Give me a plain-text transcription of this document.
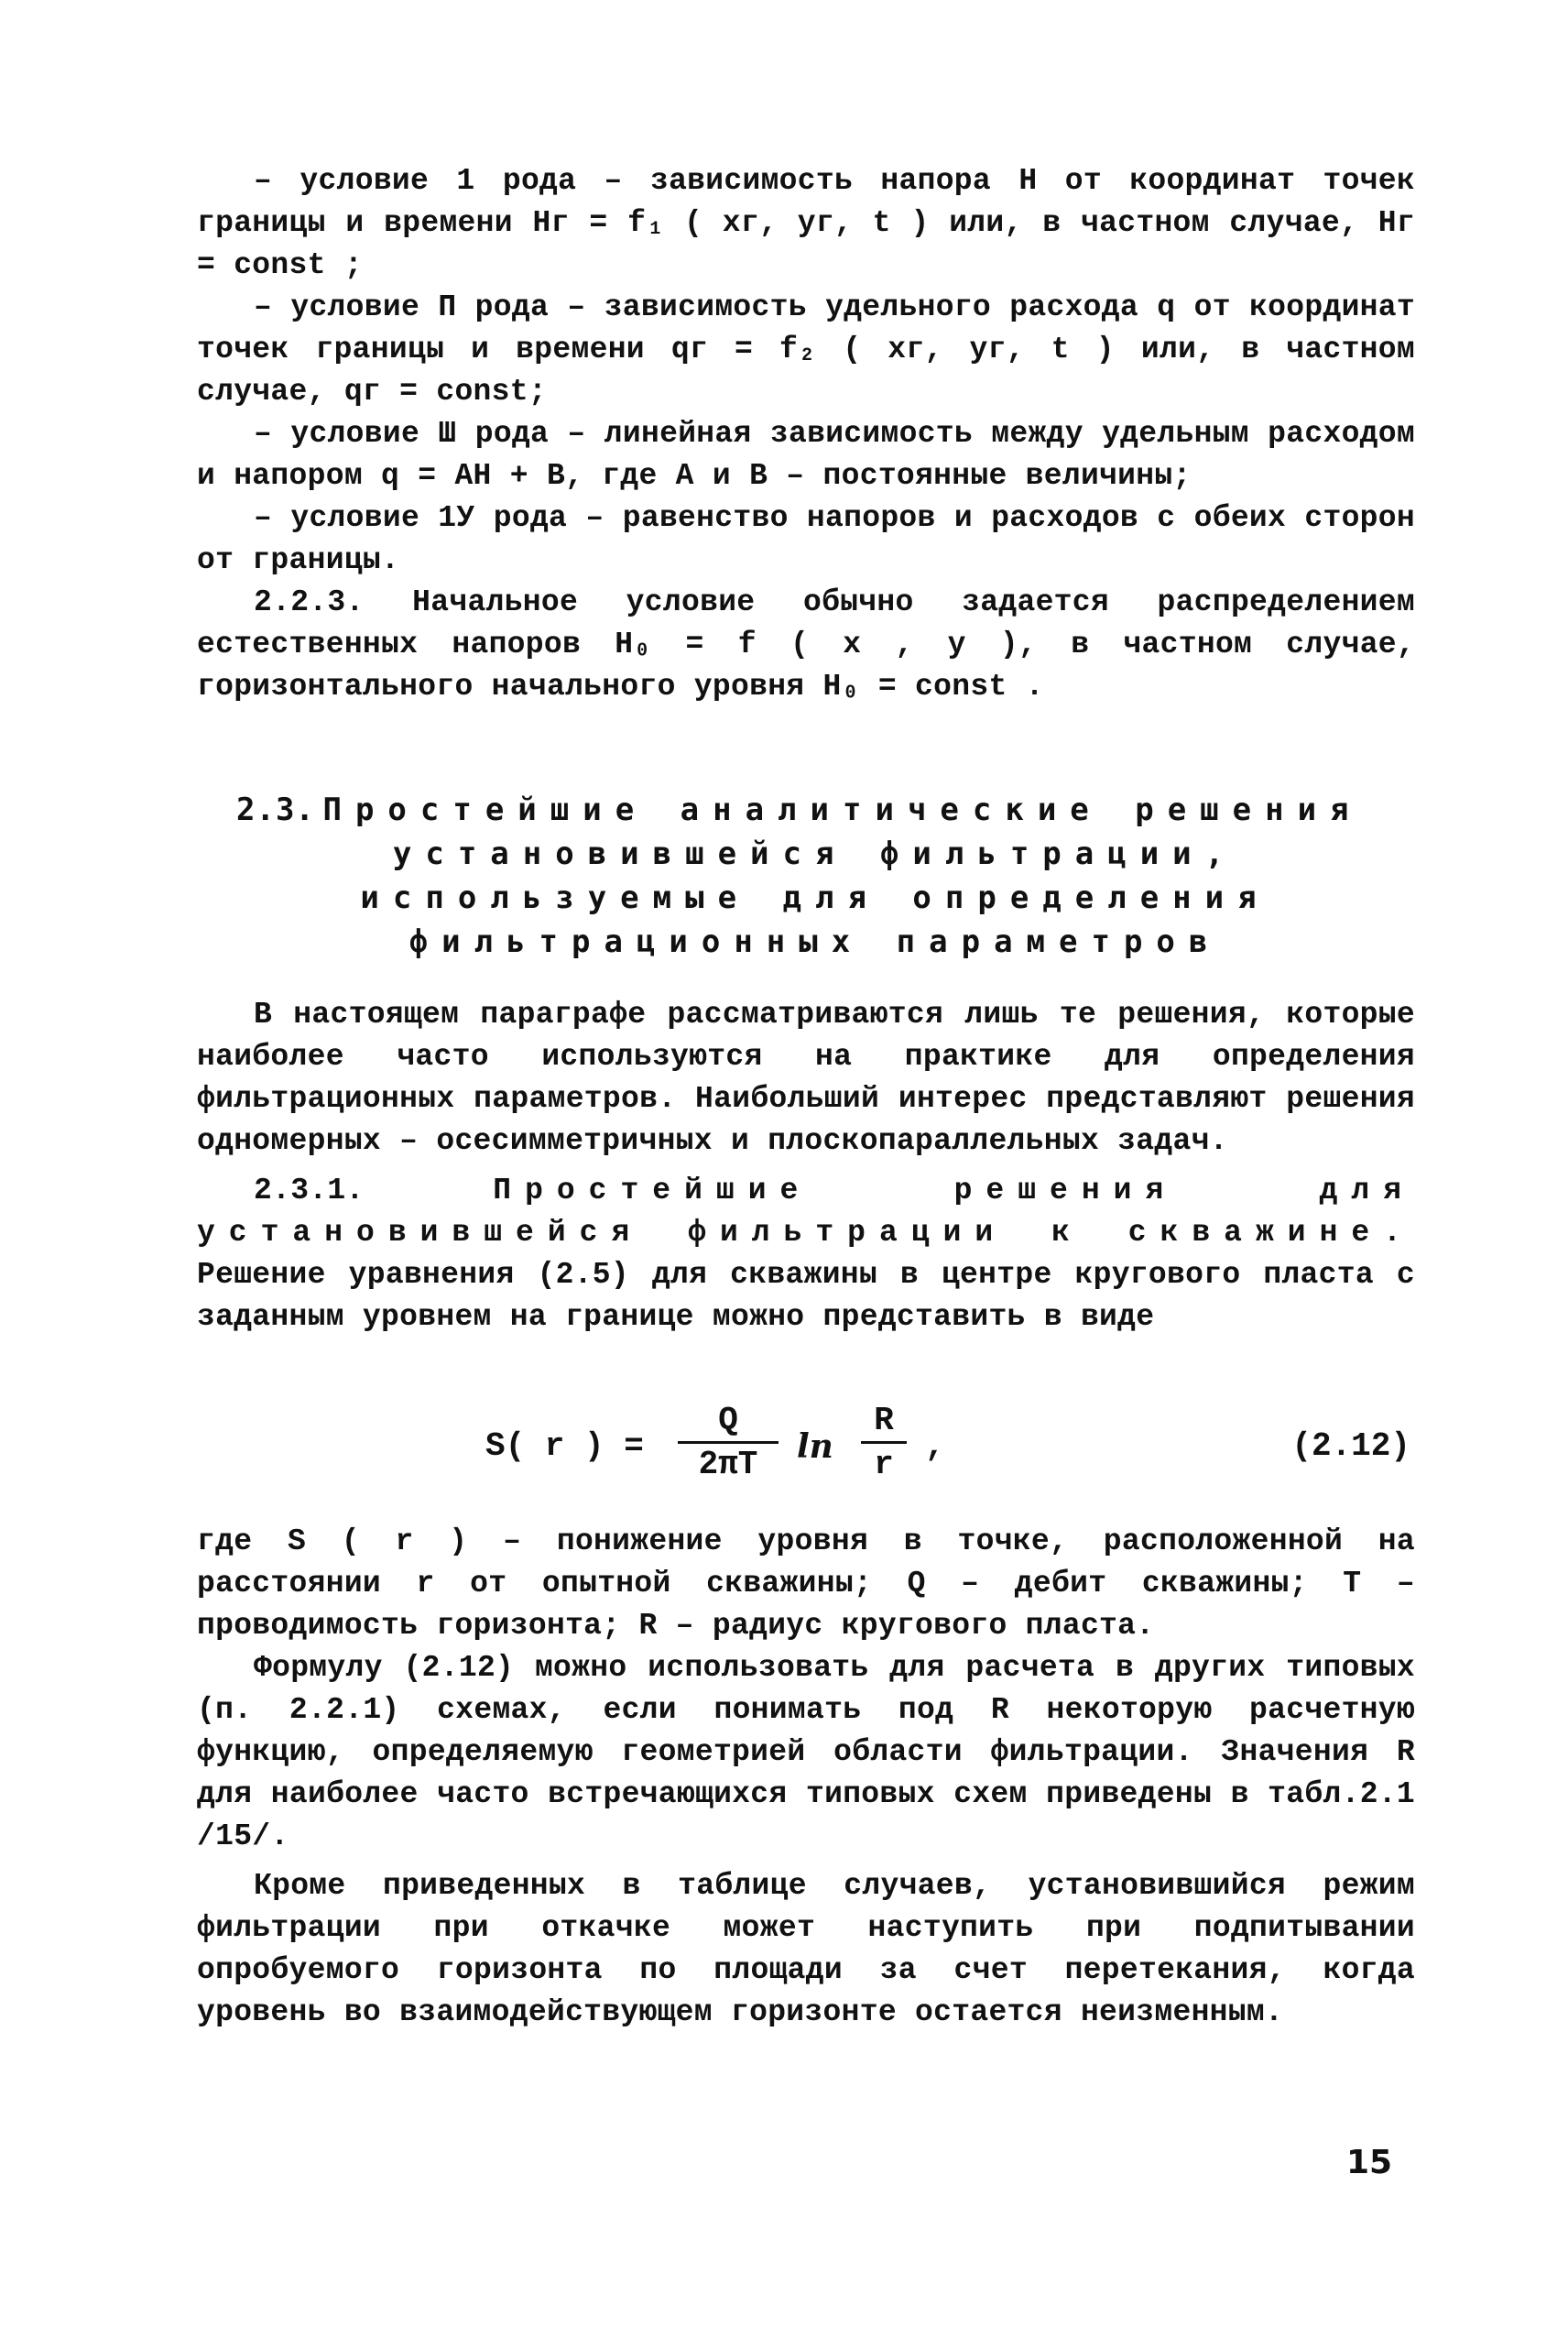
– условие 1 рода – зависимость напора Н от координат точек границы и времени Нг = f₁ ( xг, yг, t ) или, в частном случае, Нг = const ;

– условие П рода – зависимость удельного расхода q от координат точек границы и времени qг = f₂ ( xг, yг, t ) или, в частном случае, qг = const;

– условие Ш рода – линейная зависимость между удельным расходом и напором q = АН + В, где А и В – постоянные величины;

– условие 1У рода – равенство напоров и расходов с обеих сторон от границы.

2.2.3. Начальное условие обычно задается распределением естественных напоров Н₀ = f ( x , y ), в частном случае, горизонтального начального уровня Н₀ = const .

2.3. Простейшие аналитические решения
установившейся фильтрации,
используемые для определения
фильтрационных параметров

В настоящем параграфе рассматриваются лишь те решения, которые наиболее часто используются на практике для определения фильтрационных параметров. Наибольший интерес представляют решения одномерных – осесимметричных и плоскопараллельных задач.

2.3.1.	Простейшие решения для установившейся фильтрации к скважине. Решение уравнения (2.5) для скважины в центре кругового пласта с заданным уровнем на границе можно представить в виде

S( r ) = $\frac{Q}{2\pi T}$ $\ln \frac{R}{r}$ ,	(2.12)

где S ( r ) – понижение уровня в точке, расположенной на расстоянии r от опытной скважины; Q – дебит скважины; Т – проводимость горизонта; R – радиус кругового пласта.

Формулу (2.12) можно использовать для расчета в других типовых (п. 2.2.1) схемах, если понимать под R некоторую расчетную функцию, определяемую геометрией области фильтрации. Значения R для наиболее часто встречающихся типовых схем приведены в табл.2.1 /15/.

Кроме приведенных в таблице случаев, установившийся режим фильтрации при откачке может наступить при подпитывании опробуемого горизонта по площади за счет перетекания, когда уровень во взаимодействующем горизонте остается неизменным.

15
